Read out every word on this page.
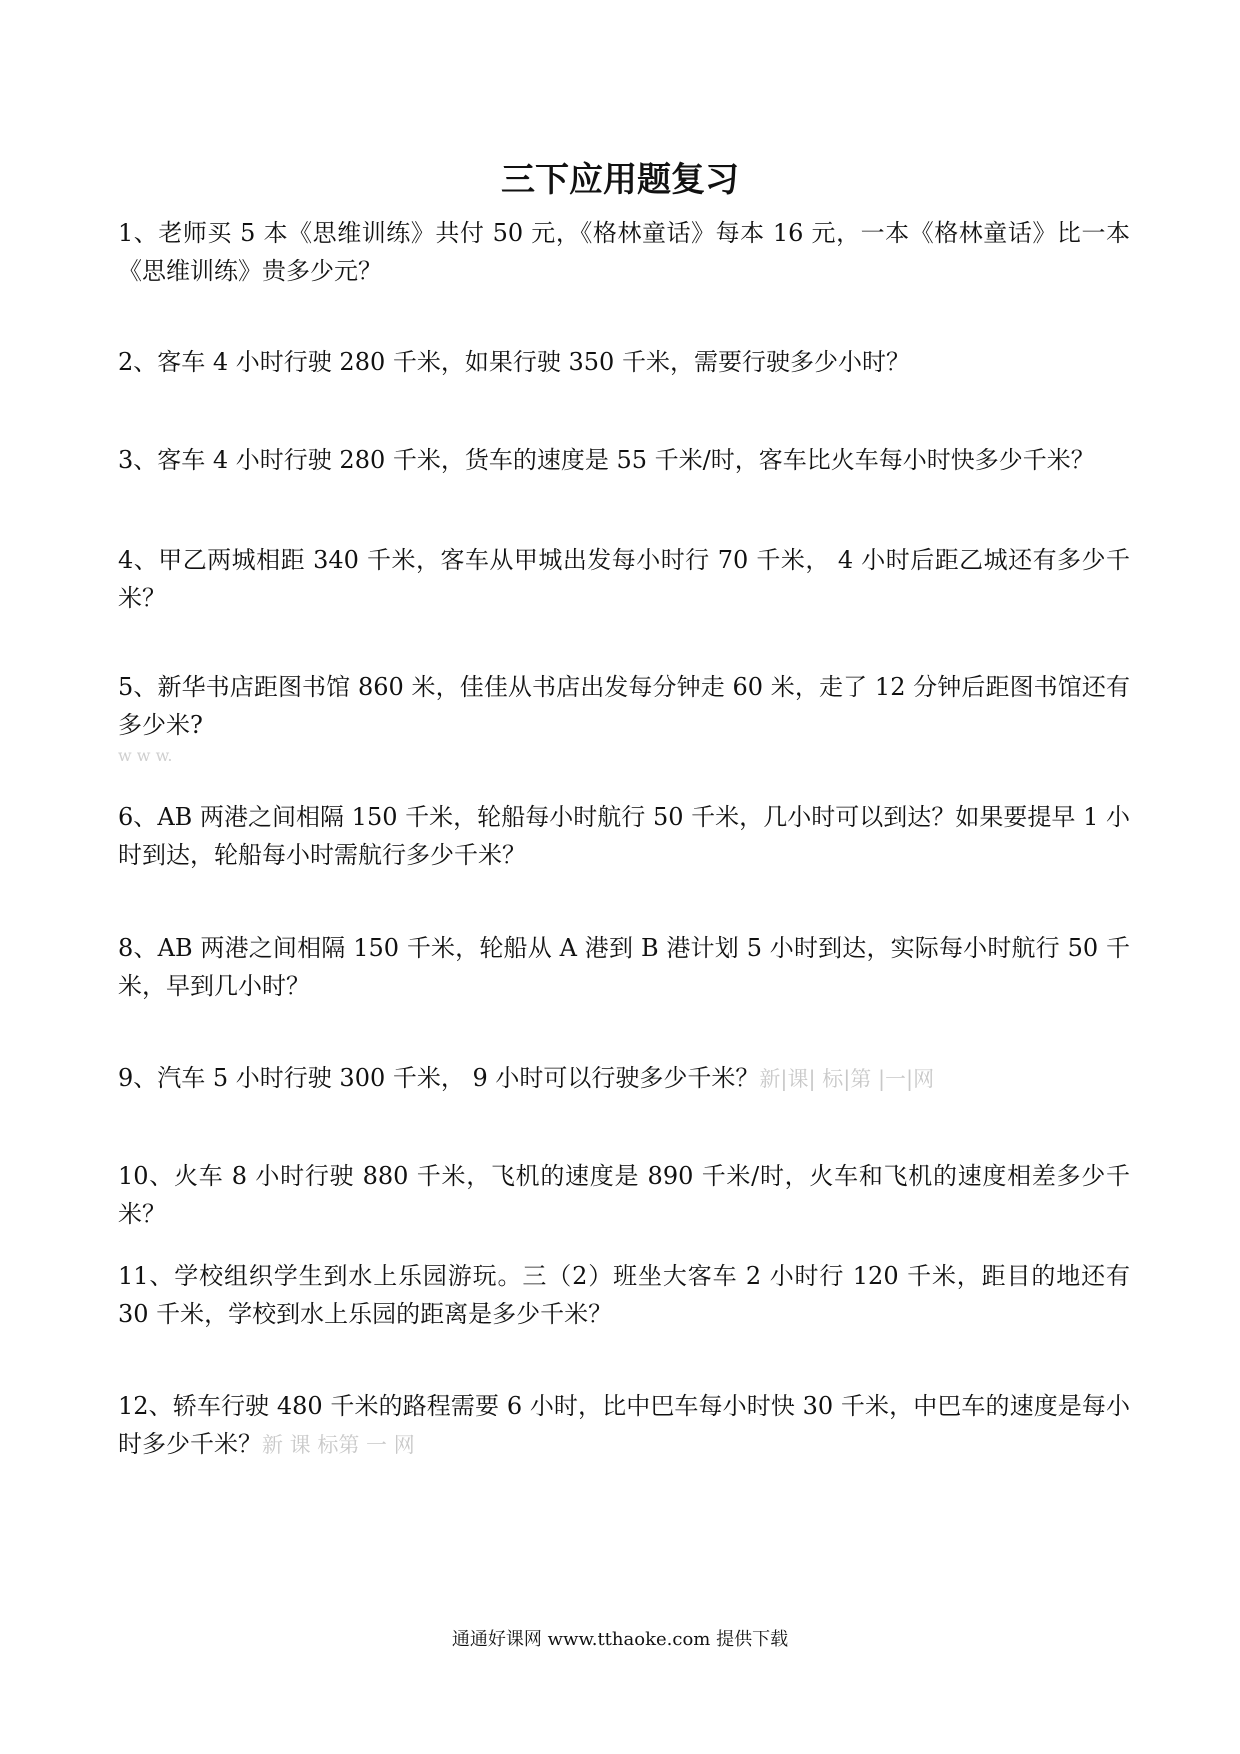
三下应用题复习

1、老师买 5 本《思维训练》共付 50 元，《格林童话》每本 16 元，一本《格林童话》比一本《思维训练》贵多少元？

2、客车 4 小时行驶 280 千米，如果行驶 350 千米，需要行驶多少小时？

3、客车 4 小时行驶 280 千米，货车的速度是 55 千米/时，客车比火车每小时快多少千米？

4、甲乙两城相距 340 千米，客车从甲城出发每小时行 70 千米， 4 小时后距乙城还有多少千米？

5、新华书店距图书馆 860 米，佳佳从书店出发每分钟走 60 米，走了 12 分钟后距图书馆还有多少米?

w w w.

6、AB 两港之间相隔 150 千米，轮船每小时航行 50 千米，几小时可以到达？如果要提早 1 小时到达，轮船每小时需航行多少千米？

8、AB 两港之间相隔 150 千米，轮船从 A 港到 B 港计划 5 小时到达，实际每小时航行 50 千米，早到几小时？

9、汽车 5 小时行驶 300 千米， 9 小时可以行驶多少千米？新|课| 标|第 |一|网

10、火车 8 小时行驶 880 千米，飞机的速度是 890 千米/时，火车和飞机的速度相差多少千米？

11、学校组织学生到水上乐园游玩。三（2）班坐大客车 2 小时行 120 千米，距目的地还有 30 千米，学校到水上乐园的距离是多少千米？

12、轿车行驶 480 千米的路程需要 6 小时，比中巴车每小时快 30 千米，中巴车的速度是每小时多少千米？新 课 标第 一 网

通通好课网 www.tthaoke.com 提供下载
